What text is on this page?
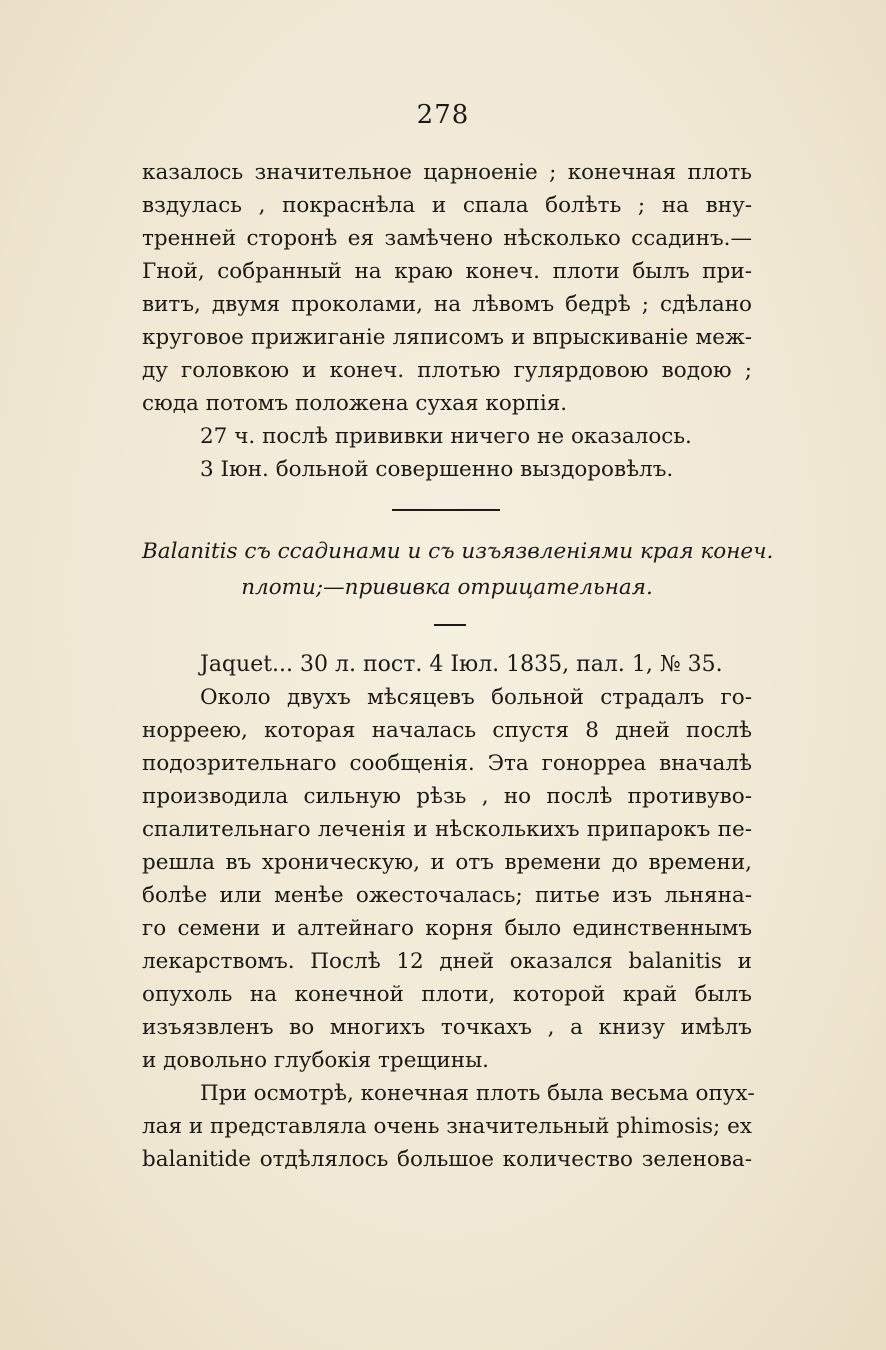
278
казалось значительное царноеніе ; конечная плоть
вздулась , покраснѣла и спала болѣть ; на вну-
тренней сторонѣ ея замѣчено нѣсколько ссадинъ.—
Гной, собранный на краю конеч. плоти былъ при-
витъ, двумя проколами, на лѣвомъ бедрѣ ; сдѣлано
круговое прижиганіе ляписомъ и впрыскиваніе меж-
ду головкою и конеч. плотью гулярдовою водою ;
сюда потомъ положена сухая корпія.
27 ч. послѣ прививки ничего не оказалось.
3 Іюн. больной совершенно выздоровѣлъ.
Balanitis съ ссадинами и съ изъязвленіями края конеч.
плоти;—прививка отрицательная.
Jaquet... 30 л. пост. 4 Іюл. 1835, пал. 1, № 35.
Около двухъ мѣсяцевъ больной страдалъ го-
норреею, которая началась спустя 8 дней послѣ
подозрительнаго сообщенія. Эта гонорреа вначалѣ
производила сильную рѣзь , но послѣ противуво-
спалительнаго леченія и нѣсколькихъ припарокъ пе-
решла въ хроническую, и отъ времени до времени,
болѣе или менѣе ожесточалась; питье изъ льняна-
го семени и алтейнаго корня было единственнымъ
лекарствомъ. Послѣ 12 дней оказался balanitis и
опухоль на конечной плоти, которой край былъ
изъязвленъ во многихъ точкахъ , а книзу имѣлъ
и довольно глубокія трещины.
При осмотрѣ, конечная плоть была весьма опух-
лая и представляла очень значительный phimosis; ex
balanitide отдѣлялось большое количество зеленова-
